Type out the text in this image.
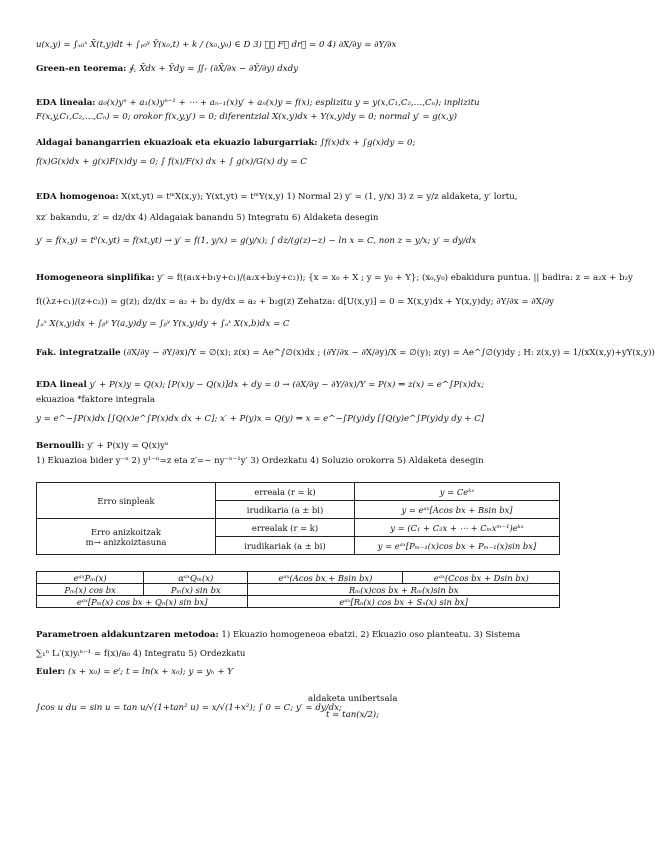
u(x,y) = ∫ₓ₀ˣ X̄(t,y)dt + ∫ᵧ₀ʸ Ȳ(x₀,t) + k / (x₀,y₀) ∈ D 3) ∮꜀ F⃗ dr⃗ = 0 4) ∂X/∂y = ∂Y/∂x
Green-en teorema: ∮꜀ X̄dx + Ȳdy = ∬ᵣ (∂X̄/∂x − ∂Ȳ/∂y) dxdy
EDA lineala: a₀(x)yⁿ + a₁(x)yⁿ⁻¹ + ⋯ + aₙ₋₁(x)y′ + aₙ(x)y = f(x); esplizitu y = y(x,C₁,C₂,…,Cₙ); inplizitu
F(x,y,C₁,C₂,…,Cₙ) = 0; orokor f(x,y,y′) = 0; diferentzial X(x,y)dx + Y(x,y)dy = 0; normal y′ = g(x,y)
Aldagai banangarrien ekuazioak eta ekuazio laburgarriak: ∫f(x)dx + ∫g(x)dy = 0;
f(x)G(x)dx + g(x)F(x)dy = 0; ∫ f(x)/F(x) dx + ∫ g(x)/G(x) dy = C
EDA homogenoa: X(xt,yt) = tᵐX(x,y); Y(xt,yt) = tᵐY(x,y) 1) Normal 2) y′ = (1, y/x) 3) z = y/z aldaketa, y′ lortu,
xz′ bakandu, z′ = dz/dx 4) Aldagaiak banandu 5) Integratu 6) Aldaketa desegin
y′ = f(x,y) = t⁰(x,yt) = f(xt,yt) → y′ = f(1, y/x) = g(y/x); ∫ dz/(g(z)−z) − ln x = C, non z = y/x; y′ = dy/dx
Homogeneora sinplifika: y′ = f((a₁x+b₁y+c₁)/(a₂x+b₂y+c₂)); {x = x₀ + X ; y = y₀ + Y}; (x₀,y₀) ebakidura puntua. || badira: z = a₂x + b₂y
f((λz+c₁)/(z+c₂)) = g(z); dz/dx = a₂ + b₂ dy/dx = a₂ + b₂g(z) Zehatza: d[U(x,y)] = 0 = X(x,y)dx + Y(x,y)dy; ∂Y/∂x = ∂X/∂y
∫ₐˣ X(x,y)dx + ∫ᵦʸ Y(a,y)dy = ∫ᵦʸ Y(x,y)dy + ∫ₐˣ X(x,b)dx = C
Fak. integratzaile (∂X/∂y − ∂Y/∂x)/Y = ∅(x); z(x) = Ae^∫∅(x)dx ; (∂Y/∂x − ∂X/∂y)/X = ∅(y); z(y) = Ae^∫∅(y)dy ; H: z(x,y) = 1/(xX(x,y)+yY(x,y))
EDA lineal y′ + P(x)y = Q(x); [P(x)y − Q(x)]dx + dy = 0 → (∂X/∂y − ∂Y/∂x)/Y = P(x) ⇒ z(x) = e^∫P(x)dx;
ekuazioa *faktore integrala
y = e^−∫P(x)dx [∫Q(x)e^∫P(x)dx dx + C]; x′ + P(y)x = Q(y) ⇒ x = e^−∫P(y)dy [∫Q(y)e^∫P(y)dy dy + C]
Bernoulli: y′ + P(x)y = Q(x)yⁿ
1) Ekuazioa bider y⁻ⁿ 2) y¹⁻ⁿ=z eta z′=− ny⁻ⁿ⁻¹y′ 3) Ordezkatu 4) Soluzio orokorra 5) Aldaketa desegin
Erro sinpleak	erreala (r = k)	y = Ceᵏˣ
	irudikaria (a ± bi)	y = eᵃˣ[Acos bx + Bsin bx]

Erro anizkoitzak
m→ anizkoiztasuna	errealak (r = k)	y = (C₁ + C₂x + ⋯ + Cₘxᵐ⁻¹)eᵏˣ
	irudikariak (a ± bi)	y = eᵃˣ[Pₘ₋₁(x)cos bx + Pₘ₋₁(x)sin bx]
eᵃˣPₘ(x)	αᵃˣQₘ(x)	eᵃˣ(Acos bx + Bsin bx)	eᵃˣ(Ccos bx + Dsin bx)
Pₘ(x) cos bx	Pₘ(x) sin bx	Rₘ(x)cos bx + Rₘ(x)sin bx	
eᵃˣ[Pₘ(x) cos bx + Qₙ(x) sin bx]		eᵃˣ[Rₙ(x) cos bx + Sₙ(x) sin bx]	
Parametroen aldakuntzaren metodoa: 1) Ekuazio homogeneoa ebatzi. 2) Ekuazio oso planteatu. 3) Sistema
∑₁ⁿ Lᵢ′(x)yᵢⁿ⁻¹ = f(x)/a₀ 4) Integratu 5) Ordezkatu
Euler: (x + x₀) = eᵗ; t = ln(x + x₀); y = yₕ + Y
∫cos u du = sin u = tan u/√(1+tan² u) = x/√(1+x²); ∫ 0 = C; y′ = dy/dx;
aldaketa unibertsala
t = tan(x/2);
